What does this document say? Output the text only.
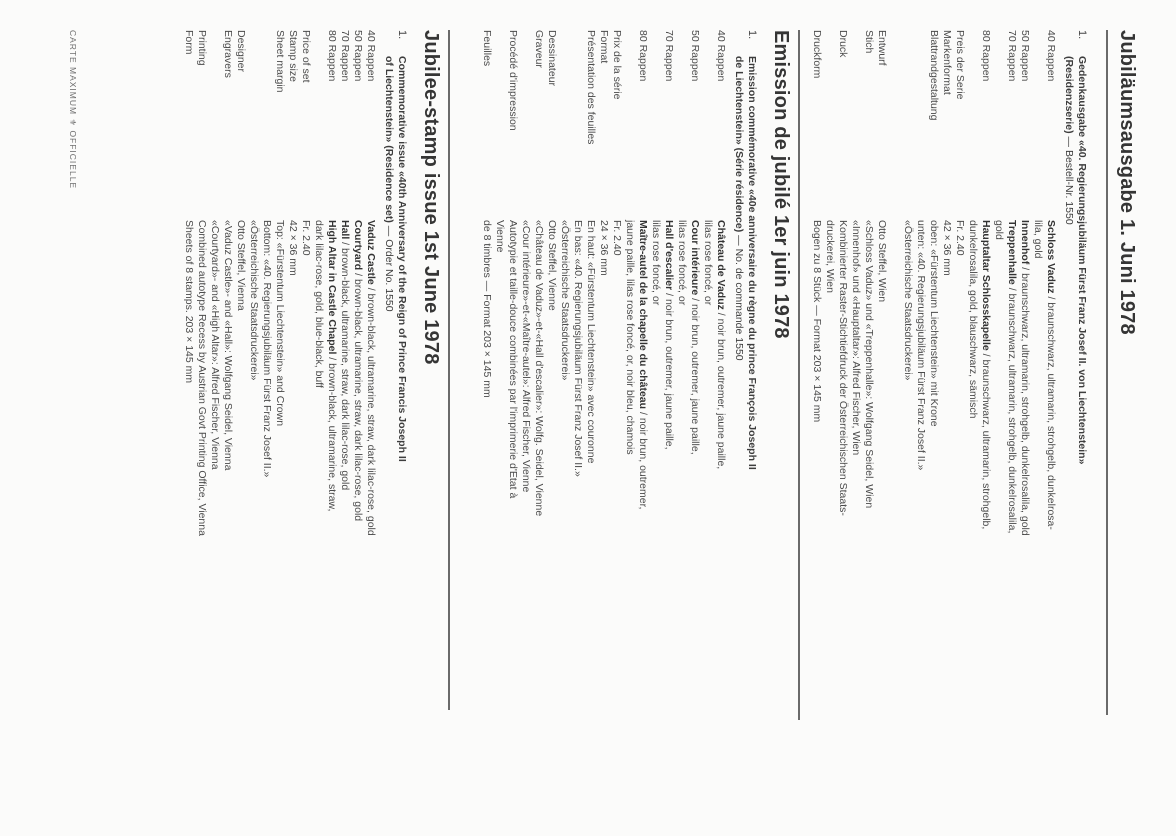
Jubiläumsausgabe 1. Juni 1978
1.
Gedenkausgabe «40. Regierungsjubiläum Fürst Franz Josef II. von Liechtenstein»
(Residenzserie) — Bestell-Nr. 1550
40 Rappen
Schloss Vaduz / braunschwarz, ultramarin, strohgelb, dunkelrosa-
lila, gold
50 Rappen
Innenhof / braunschwarz, ultramarin, strohgelb, dunkelrosalila, gold
70 Rappen
Treppenhalle / braunschwarz, ultramarin, strohgelb, dunkelrosalila,
gold
80 Rappen
Hauptaltar Schlosskapelle / braunschwarz, ultramarin, strohgelb,
dunkelrosalila, gold, blauschwarz, sämisch
Preis der Serie
Fr. 2.40
Markenformat
42 × 36 mm
Blattrandgestaltung
oben: «Fürstentum Liechtenstein» mit Krone
unten: «40. Regierungsjubiläum Fürst Franz Josef II.»
«Österreichische Staatsdruckerei»
Entwurf
Otto Steffel, Wien
Stich
«Schloss Vaduz» und «Treppenhalle»: Wolfgang Seidel, Wien
«Innenhof» und «Hauptaltar»: Alfred Fischer, Wien
Druck
Kombinierter Raster-Stichtiefdruck der Österreichischen Staats-
druckerei, Wien
Druckform
Bogen zu 8 Stück — Format 203 × 145 mm
Emission de jubilé 1er juin 1978
1.
Emission commémorative «40e anniversaire du règne du prince François Joseph II
de Liechtenstein» (Série résidence) — No. de commande 1550
40 Rappen
Château de Vaduz / noir brun, outremer, jaune paille,
lilas rose foncé, or
50 Rappen
Cour intérieure / noir brun, outremer, jaune paille,
lilas rose foncé, or
70 Rappen
Hall d'escalier / noir brun, outremer, jaune paille,
lilas rose foncé, or
80 Rappen
Maître-autel de la chapelle du château / noir brun, outremer,
jaune paille, lilas rose foncé, or, noir bleu, chamois
Prix de la série
Fr. 2.40
Format
24 × 36 mm
Présentation des feuilles
En haut: «Fürstentum Liechtenstein» avec couronne
En bas: «40. Regierungsjubiläum Fürst Franz Josef II.»
«Österreichische Staatsdruckerei»
Dessinateur
Otto Steffel, Vienne
Graveur
«Château de Vaduz»-et-«Hall d'escalier»: Wolfg. Seidel, Vienne
«Cour intérieure»-et-«Maître-autel»: Alfred Fischer, Vienne
Procédé d'impression
Autotypie et taille-douce combinées par l'imprimerie d'Etat à
Vienne
Feuilles
de 8 timbres — Format 203 × 145 mm
Jubilee-stamp issue 1st June 1978
1.
Commemorative issue «40th Anniversary of the Reign of Prince Francis Joseph II
of Liechtenstein» (Residence set) — Order No. 1550
40 Rappen
Vaduz Castle / brown-black, ultramarine, straw, dark lilac-rose, gold
50 Rappen
Courtyard / brown-black, ultramarine, straw, dark lilac-rose, gold
70 Rappen
Hall / brown-black, ultramarine, straw, dark lilac-rose, gold
80 Rappen
High Altar in Castle Chapel / brown-black, ultramarine, straw,
dark lilac-rose, gold, blue-black, buff
Price of set
Fr. 2.40
Stamp size
42 × 36 mm
Sheet margin
Top: «Fürstentum Liechtenstein» and Crown
Bottom: «40. Regierungsjubiläum Fürst Franz Josef II.»
«Österreichische Staatsdruckerei»
Designer
Otto Steffel, Vienna
Engravers
«Vaduz Castle»- and «Hall»: Wolfgang Seidel, Vienna
«Courtyard»- and «High Altar»: Alfred Fischer, Vienna
Printing
Combined autotype Recess by Austrian Govt Printing Office, Vienna
Form
Sheets of 8 stamps. 203 × 145 mm
CARTE MAXIMUM ⚜ OFFICIELLE
